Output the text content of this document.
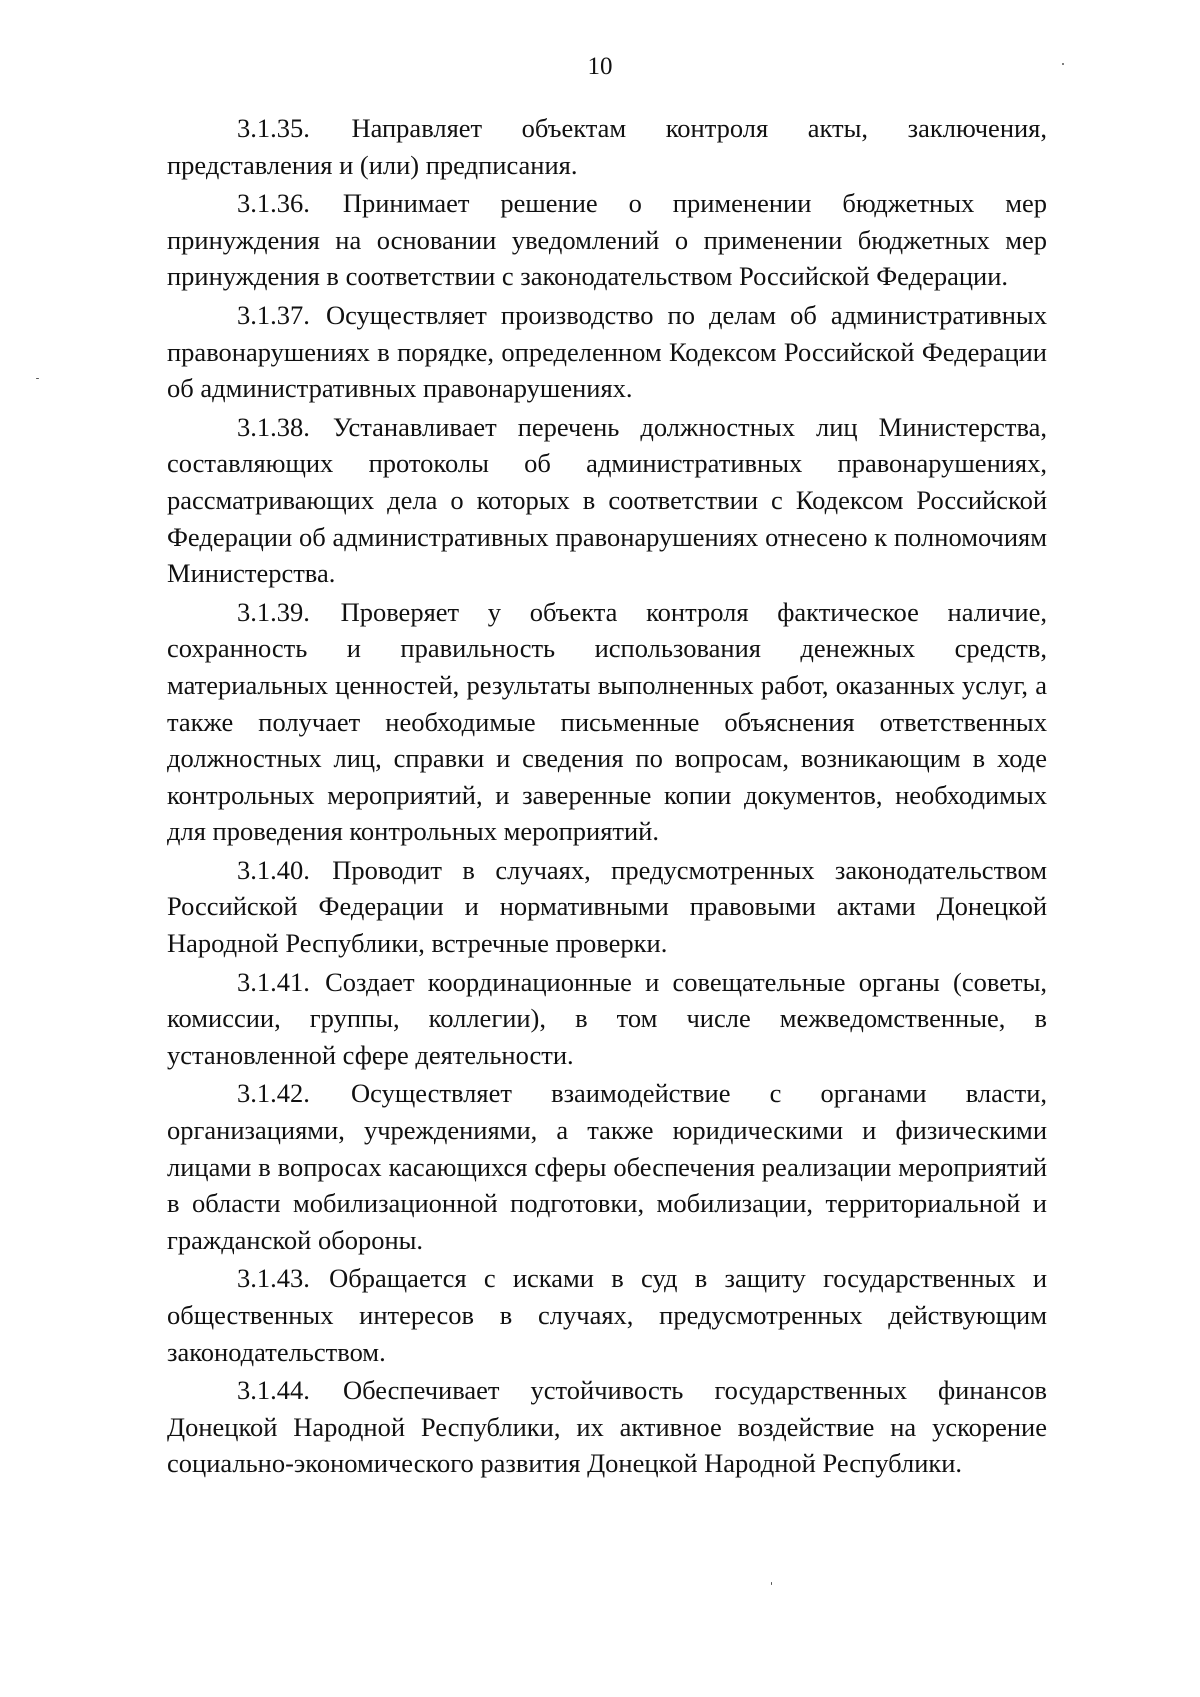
10

3.1.35. Направляет объектам контроля акты, заключения, представления и (или) предписания.

3.1.36. Принимает решение о применении бюджетных мер принуждения на основании уведомлений о применении бюджетных мер принуждения в соответствии с законодательством Российской Федерации.

3.1.37. Осуществляет производство по делам об административных правонарушениях в порядке, определенном Кодексом Российской Федерации об административных правонарушениях.

3.1.38. Устанавливает перечень должностных лиц Министерства, составляющих протоколы об административных правонарушениях, рассматривающих дела о которых в соответствии с Кодексом Российской Федерации об административных правонарушениях отнесено к полномочиям Министерства.

3.1.39. Проверяет у объекта контроля фактическое наличие, сохранность и правильность использования денежных средств, материальных ценностей, результаты выполненных работ, оказанных услуг, а также получает необходимые письменные объяснения ответственных должностных лиц, справки и сведения по вопросам, возникающим в ходе контрольных мероприятий, и заверенные копии документов, необходимых для проведения контрольных мероприятий.

3.1.40. Проводит в случаях, предусмотренных законодательством Российской Федерации и нормативными правовыми актами Донецкой Народной Республики, встречные проверки.

3.1.41. Создает координационные и совещательные органы (советы, комиссии, группы, коллегии), в том числе межведомственные, в установленной сфере деятельности.

3.1.42. Осуществляет взаимодействие с органами власти, организациями, учреждениями, а также юридическими и физическими лицами в вопросах касающихся сферы обеспечения реализации мероприятий в области мобилизационной подготовки, мобилизации, территориальной и гражданской обороны.

3.1.43. Обращается с исками в суд в защиту государственных и общественных интересов в случаях, предусмотренных действующим законодательством.

3.1.44. Обеспечивает устойчивость государственных финансов Донецкой Народной Республики, их активное воздействие на ускорение социально-экономического развития Донецкой Народной Республики.
